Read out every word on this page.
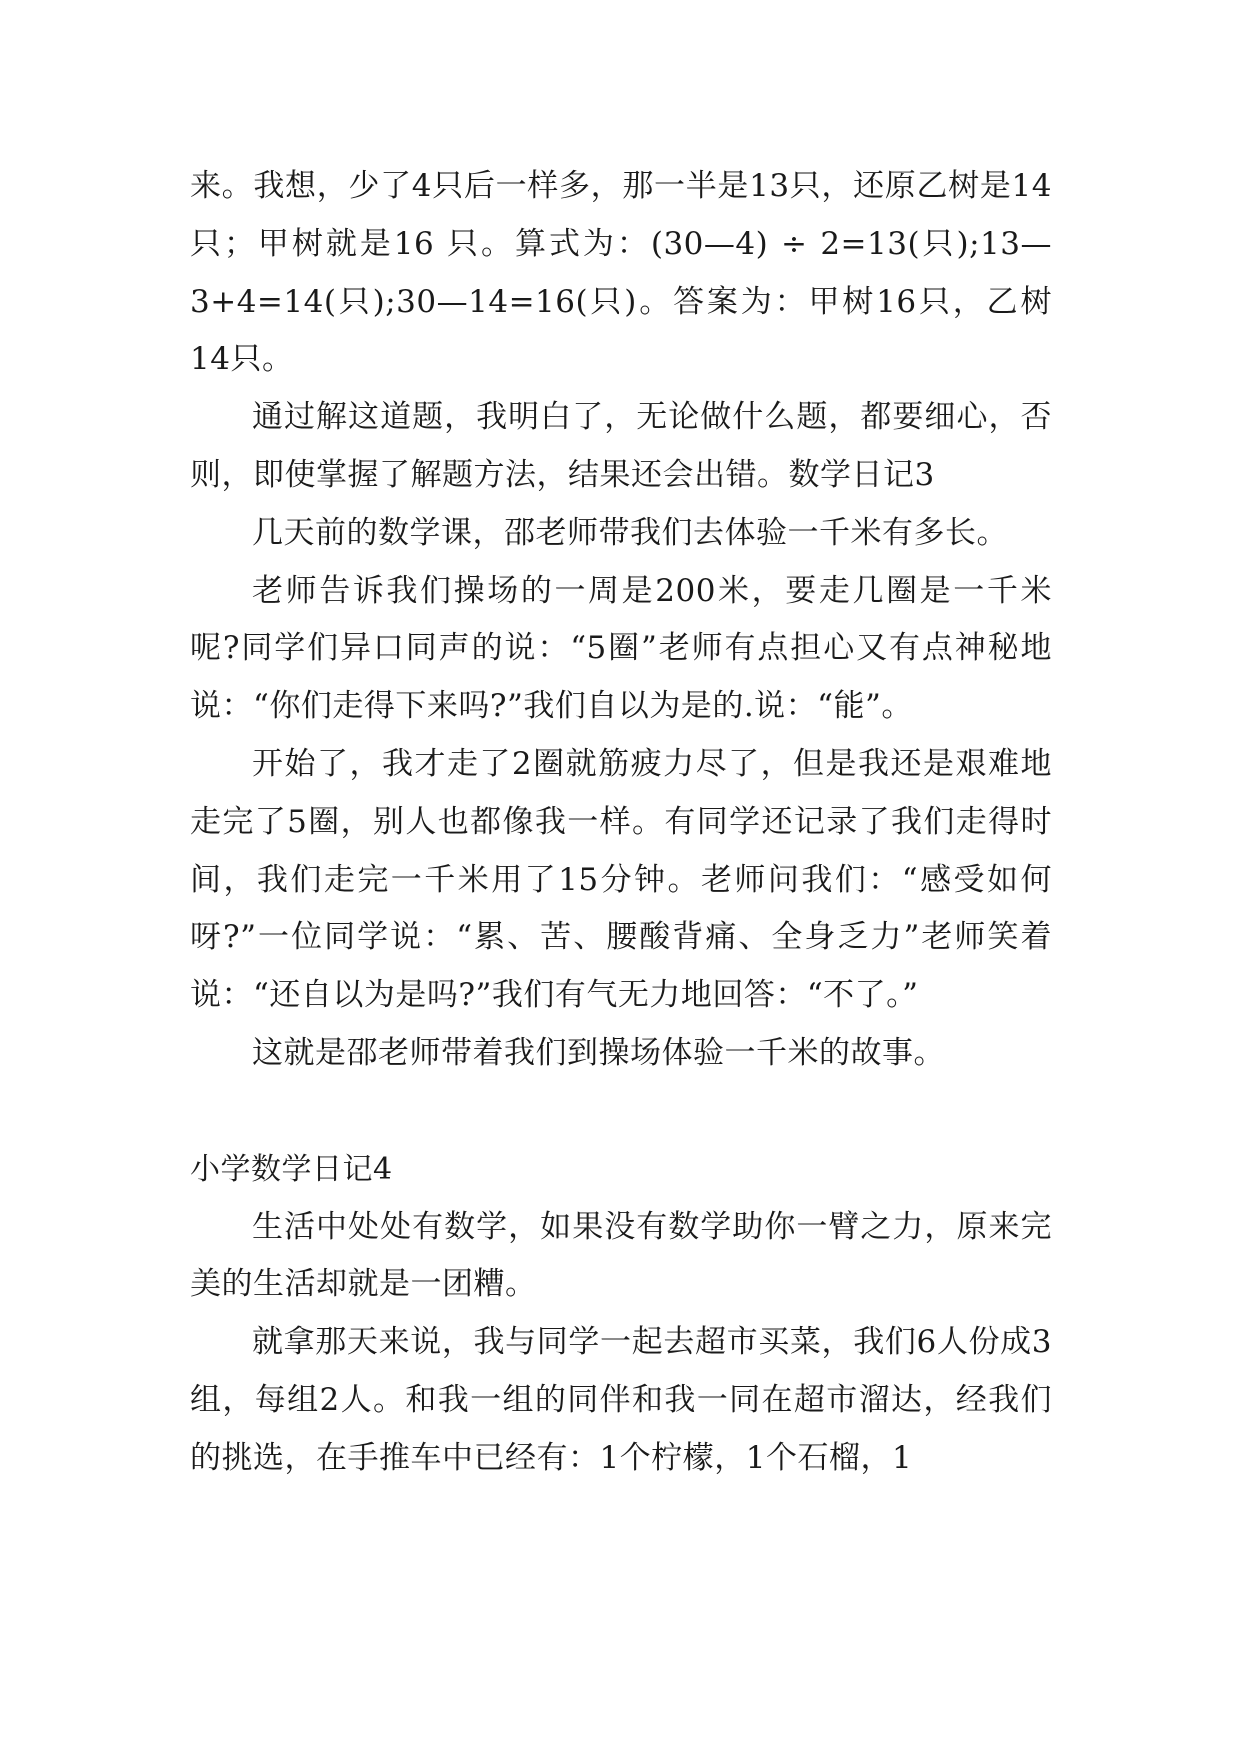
来。我想，少了4只后一样多，那一半是13只，还原乙树是14 只；甲树就是16 只。算式为：(30—4) ÷ 2=13(只);13—3+4=14(只);30—14=16(只)。答案为：甲树16只，乙树14只。

通过解这道题，我明白了，无论做什么题，都要细心，否则，即使掌握了解题方法，结果还会出错。数学日记3

几天前的数学课，邵老师带我们去体验一千米有多长。

老师告诉我们操场的一周是200米，要走几圈是一千米呢?同学们异口同声的说：“5圈”老师有点担心又有点神秘地说：“你们走得下来吗?”我们自以为是的.说：“能”。

开始了，我才走了2圈就筋疲力尽了，但是我还是艰难地走完了5圈，别人也都像我一样。有同学还记录了我们走得时间，我们走完一千米用了15分钟。老师问我们：“感受如何呀?”一位同学说：“累、苦、腰酸背痛、全身乏力”老师笑着说：“还自以为是吗?”我们有气无力地回答：“不了。”

这就是邵老师带着我们到操场体验一千米的故事。

小学数学日记4

生活中处处有数学，如果没有数学助你一臂之力，原来完美的生活却就是一团糟。

就拿那天来说，我与同学一起去超市买菜，我们6人份成3组，每组2人。和我一组的同伴和我一同在超市溜达，经我们的挑选，在手推车中已经有：1个柠檬，1个石榴，1
